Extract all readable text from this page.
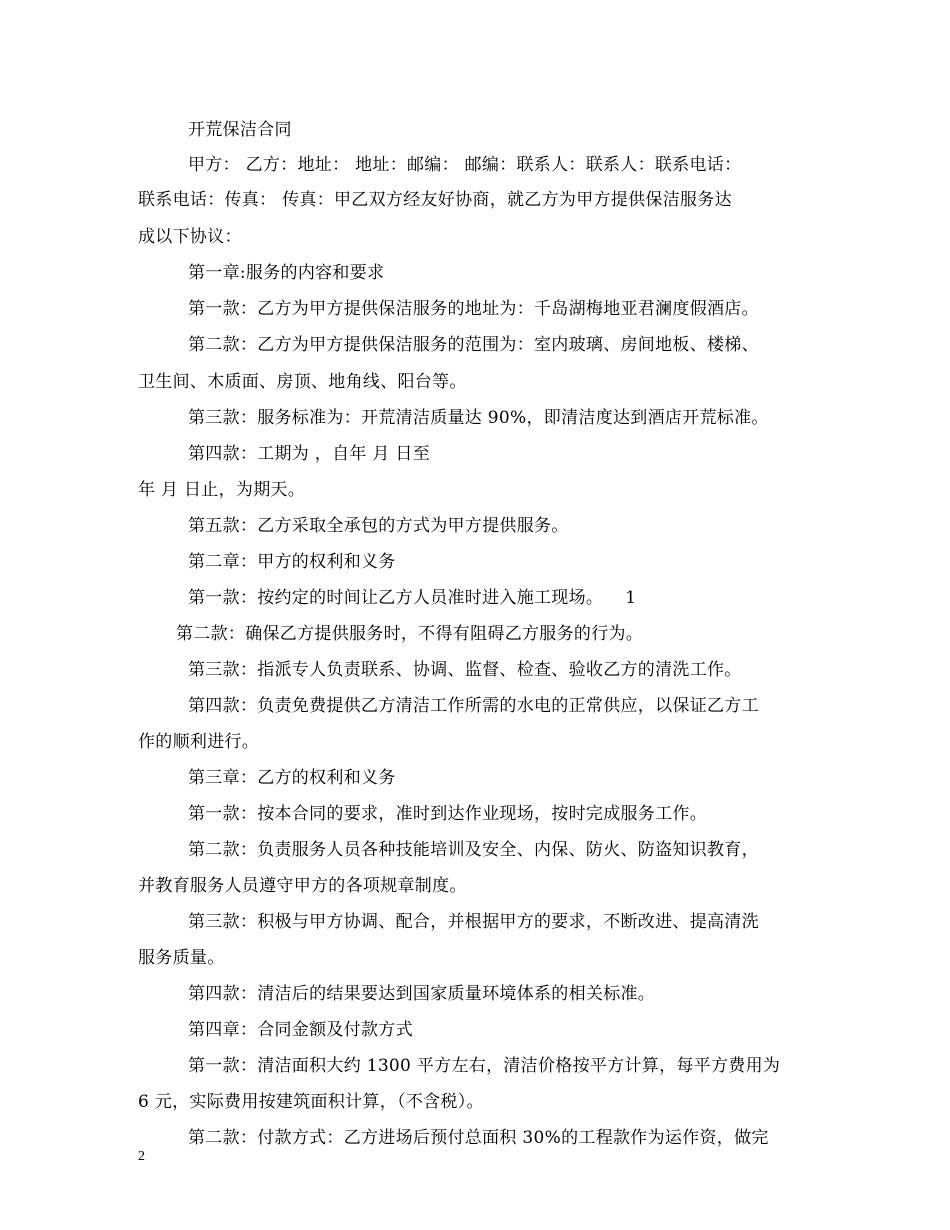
开荒保洁合同
甲方： 乙方：地址： 地址：邮编： 邮编：联系人：联系人：联系电话：
联系电话：传真： 传真：甲乙双方经友好协商，就乙方为甲方提供保洁服务达
成以下协议：
第一章:服务的内容和要求
第一款：乙方为甲方提供保洁服务的地址为：千岛湖梅地亚君澜度假酒店。
第二款：乙方为甲方提供保洁服务的范围为：室内玻璃、房间地板、楼梯、
卫生间、木质面、房顶、地角线、阳台等。
第三款：服务标准为：开荒清洁质量达 90%，即清洁度达到酒店开荒标准。
第四款：工期为 ，自年 月 日至
年 月 日止，为期天。
第五款：乙方采取全承包的方式为甲方提供服务。
第二章：甲方的权利和义务
第一款：按约定的时间让乙方人员准时进入施工现场。 1
第二款：确保乙方提供服务时，不得有阻碍乙方服务的行为。
第三款：指派专人负责联系、协调、监督、检查、验收乙方的清洗工作。
第四款：负责免费提供乙方清洁工作所需的水电的正常供应，以保证乙方工
作的顺利进行。
第三章：乙方的权利和义务
第一款：按本合同的要求，准时到达作业现场，按时完成服务工作。
第二款：负责服务人员各种技能培训及安全、内保、防火、防盗知识教育，
并教育服务人员遵守甲方的各项规章制度。
第三款：积极与甲方协调、配合，并根据甲方的要求，不断改进、提高清洗
服务质量。
第四款：清洁后的结果要达到国家质量环境体系的相关标准。
第四章：合同金额及付款方式
第一款：清洁面积大约 1300 平方左右，清洁价格按平方计算，每平方费用为
6 元，实际费用按建筑面积计算，（不含税）。
第二款：付款方式：乙方进场后预付总面积 30%的工程款作为运作资，做完
2
